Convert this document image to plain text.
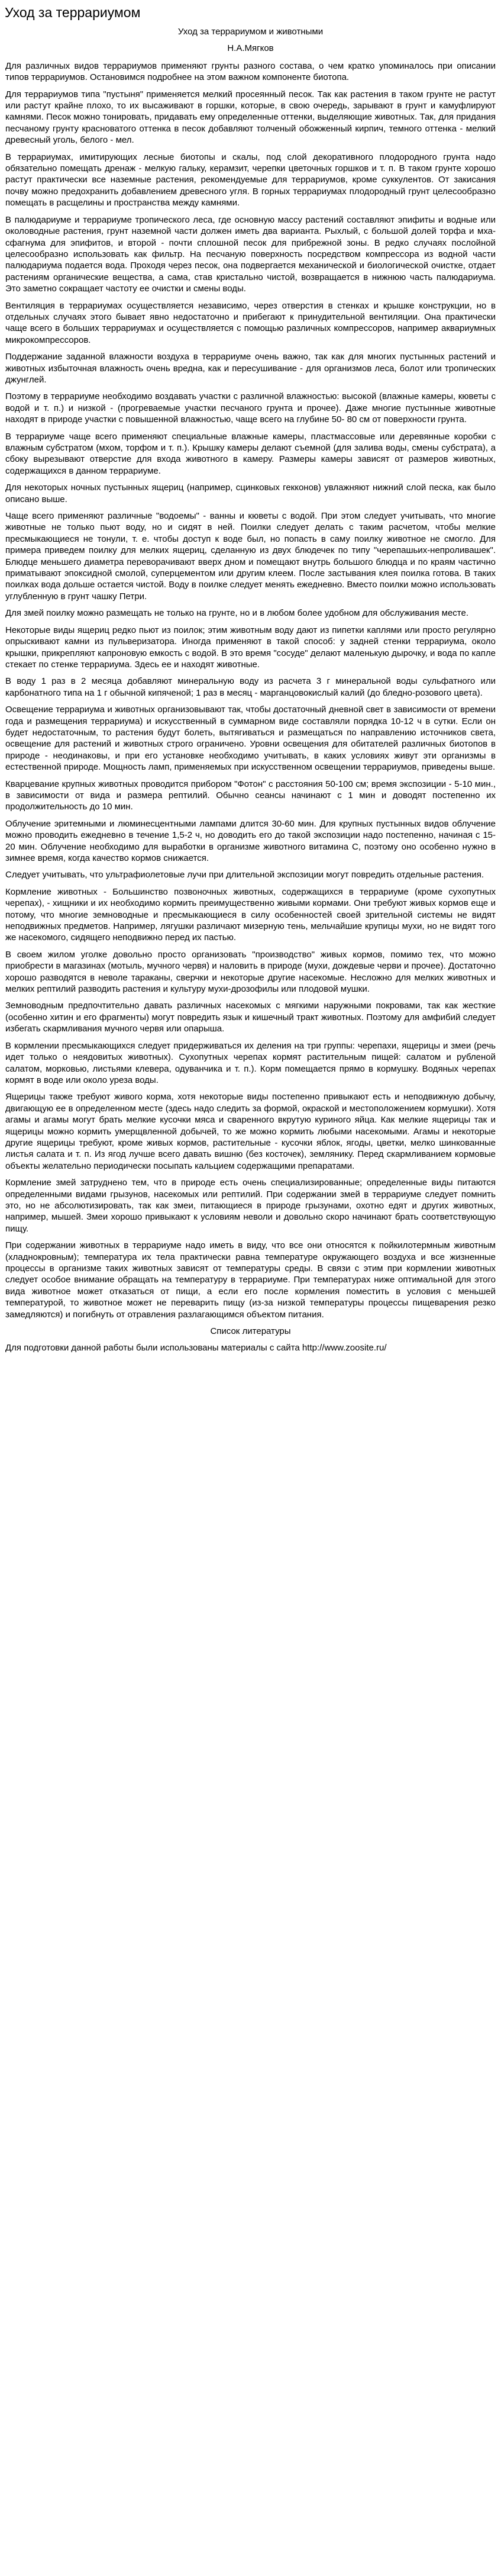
Уход за террариумом

Уход за террариумом и животными

Н.А.Мягков

Для различных видов террариумов применяют грунты разного состава, о чем кратко упоминалось при описании типов террариумов. Остановимся подробнее на этом важном компоненте биотопа.

Для террариумов типа "пустыня" применяется мелкий просеянный песок. Так как растения в таком грунте не растут или растут крайне плохо, то их высаживают в горшки, которые, в свою очередь, зарывают в грунт и камуфлируют камнями. Песок можно тонировать, придавать ему определенные оттенки, выделяющие животных. Так, для придания песчаному грунту красноватого оттенка в песок добавляют толченый обожженный кирпич, темного оттенка - мелкий древесный уголь, белого - мел.

В террариумах, имитирующих лесные биотопы и скалы, под слой декоративного плодородного грунта надо обязательно помещать дренаж - мелкую гальку, керамзит, черепки цветочных горшков и т. п. В таком грунте хорошо растут практически все наземные растения, рекомендуемые для террариумов, кроме суккулентов. От закисания почву можно предохранить добавлением древесного угля. В горных террариумах плодородный грунт целесообразно помещать в расщелины и пространства между камнями.

В палюдариуме и террариуме тропического леса, где основную массу растений составляют эпифиты и водные или околоводные растения, грунт наземной части должен иметь два варианта. Рыхлый, с большой долей торфа и мха-сфагнума для эпифитов, и второй - почти сплошной песок для прибрежной зоны. В редко случаях послойной целесообразно использовать как фильтр. На песчаную поверхность посредством компрессора из водной части палюдариума подается вода. Проходя через песок, она подвергается механической и биологической очистке, отдает растениям органические вещества, а сама, став кристально чистой, возвращается в нижнюю часть палюдариума. Это заметно сокращает частоту ее очистки и смены воды.

Вентиляция в террариумах осуществляется независимо, через отверстия в стенках и крышке конструкции, но в отдельных случаях этого бывает явно недостаточно и прибегают к принудительной вентиляции. Она практически чаще всего в больших террариумах и осуществляется с помощью различных компрессоров, например аквариумных микрокомпрессоров.

Поддержание заданной влажности воздуха в террариуме очень важно, так как для многих пустынных растений и животных избыточная влажность очень вредна, как и пересушивание - для организмов леса, болот или тропических джунглей.

Поэтому в террариуме необходимо воздавать участки с различной влажностью: высокой (влажные камеры, кюветы с водой и т. п.) и низкой - (прогреваемые участки песчаного грунта и прочее). Даже многие пустынные животные находят в природе участки с повышенной влажностью, чаще всего на глубине 50- 80 см от поверхности грунта.

В террариуме чаще всего применяют специальные влажные камеры, пластмассовые или деревянные коробки с влажным субстратом (мхом, торфом и т. п.). Крышку камеры делают съемной (для залива воды, смены субстрата), а сбоку вырезывают отверстие для входа животного в камеру. Размеры камеры зависят от размеров животных, содержащихся в данном террариуме.

Для некоторых ночных пустынных ящериц (например, сцинковых гекконов) увлажняют нижний слой песка, как было описано выше.

Чаще всего применяют различные "водоемы" - ванны и кюветы с водой. При этом следует учитывать, что многие животные не только пьют воду, но и сидят в ней. Поилки следует делать с таким расчетом, чтобы мелкие пресмыкающиеся не тонули, т. е. чтобы доступ к воде был, но попасть в саму поилку животное не смогло. Для примера приведем поилку для мелких ящериц, сделанную из двух блюдечек по типу "черепашьих-непроливашек". Блюдце меньшего диаметра переворачивают вверх дном и помещают внутрь большого блюдца и по краям частично приматывают эпоксидной смолой, суперцементом или другим клеем. После застывания клея поилка готова. В таких поилках вода дольше остается чистой. Воду в поилке следует менять ежедневно. Вместо поилки можно использовать углубленную в грунт чашку Петри.

Для змей поилку можно размещать не только на грунте, но и в любом более удобном для обслуживания месте.

Некоторые виды ящериц редко пьют из поилок; этим животным воду дают из пипетки каплями или просто регулярно опрыскивают камни из пульверизатора. Иногда применяют в такой способ: у задней стенки террариума, около крышки, прикрепляют капроновую емкость с водой. В это время "сосуде" делают маленькую дырочку, и вода по капле стекает по стенке террариума. Здесь ее и находят животные.

В воду 1 раз в 2 месяца добавляют минеральную воду из расчета 3 г минеральной воды сульфатного или карбонатного типа на 1 г обычной кипяченой; 1 раз в месяц - марганцовокислый калий (до бледно-розового цвета).

Освещение террариума и животных организовывают так, чтобы достаточный дневной свет в зависимости от времени года и размещения террариума) и искусственный в суммарном виде составляли порядка 10-12 ч в сутки. Если он будет недостаточным, то растения будут болеть, вытягиваться и размещаться по направлению источников света, освещение для растений и животных строго ограничено. Уровни освещения для обитателей различных биотопов в природе - неодинаковы, и при его установке необходимо учитывать, в каких условиях живут эти организмы в естественной природе. Мощность ламп, применяемых при искусственном освещении террариумов, приведены выше.

Кварцевание крупных животных проводится прибором "Фотон" с расстояния 50-100 см; время экспозиции - 5-10 мин., в зависимости от вида и размера рептилий. Обычно сеансы начинают с 1 мин и доводят постепенно их продолжительность до 10 мин.

Облучение эритемными и люминесцентными лампами длится 30-60 мин. Для крупных пустынных видов облучение можно проводить ежедневно в течение 1,5-2 ч, но доводить его до такой экспозиции надо постепенно, начиная с 15-20 мин. Облучение необходимо для выработки в организме животного витамина С, поэтому оно особенно нужно в зимнее время, когда качество кормов снижается.

Следует учитывать, что ультрафиолетовые лучи при длительной экспозиции могут повредить отдельные растения.

Кормление животных - Большинство позвоночных животных, содержащихся в террариуме (кроме сухопутных черепах), - хищники и их необходимо кормить преимущественно живыми кормами. Они требуют живых кормов еще и потому, что многие земноводные и пресмыкающиеся в силу особенностей своей зрительной системы не видят неподвижных предметов. Например, лягушки различают мизерную тень, мельчайшие крупицы мухи, но не видят того же насекомого, сидящего неподвижно перед их пастью.

В своем жилом уголке довольно просто организовать "производство" живых кормов, помимо тех, что можно приобрести в магазинах (мотыль, мучного червя) и наловить в природе (мухи, дождевые черви и прочее). Достаточно хорошо разводятся в неволе тараканы, сверчки и некоторые другие насекомые. Несложно для мелких животных и мелких рептилий разводить растения и культуру мухи-дрозофилы или плодовой мушки.

Земноводным предпочтительно давать различных насекомых с мягкими наружными покровами, так как жесткие (особенно хитин и его фрагменты) могут повредить язык и кишечный тракт животных. Поэтому для амфибий следует избегать скармливания мучного червя или опарыша.

В кормлении пресмыкающихся следует придерживаться их деления на три группы: черепахи, ящерицы и змеи (речь идет только о неядовитых животных). Сухопутных черепах кормят растительным пищей: салатом и рубленой салатом, морковью, листьями клевера, одуванчика и т. п.). Корм помещается прямо в кормушку. Водяных черепах кормят в воде или около уреза воды.

Ящерицы также требуют живого корма, хотя некоторые виды постепенно привыкают есть и неподвижную добычу, двигающую ее в определенном месте (здесь надо следить за формой, окраской и местоположением кормушки). Хотя агамы и агамы могут брать мелкие кусочки мяса и сваренного вкрутую куриного яйца. Как мелкие ящерицы так и ящерицы можно кормить умерщвленной добычей, то же можно кормить любыми насекомыми. Агамы и некоторые другие ящерицы требуют, кроме живых кормов, растительные - кусочки яблок, ягоды, цветки, мелко шинкованные листья салата и т. п. Из ягод лучше всего давать вишню (без косточек), землянику. Перед скармливанием кормовые объекты желательно периодически посыпать кальцием содержащими препаратами.

Кормление змей затруднено тем, что в природе есть очень специализированные; определенные виды питаются определенными видами грызунов, насекомых или рептилий. При содержании змей в террариуме следует помнить это, но не абсолютизировать, так как змеи, питающиеся в природе грызунами, охотно едят и других животных, например, мышей. Змеи хорошо привыкают к условиям неволи и довольно скоро начинают брать соответствующую пищу.

При содержании животных в террариуме надо иметь в виду, что все они относятся к пойкилотермным животным (хладнокровным); температура их тела практически равна температуре окружающего воздуха и все жизненные процессы в организме таких животных зависят от температуры среды. В связи с этим при кормлении животных следует особое внимание обращать на температуру в террариуме. При температурах ниже оптимальной для этого вида животное может отказаться от пищи, а если его после кормления поместить в условия с меньшей температурой, то животное может не переварить пищу (из-за низкой температуры процессы пищеварения резко замедляются) и погибнуть от отравления разлагающимся объектом питания.

Список литературы

Для подготовки данной работы были использованы материалы с сайта http://www.zoosite.ru/
